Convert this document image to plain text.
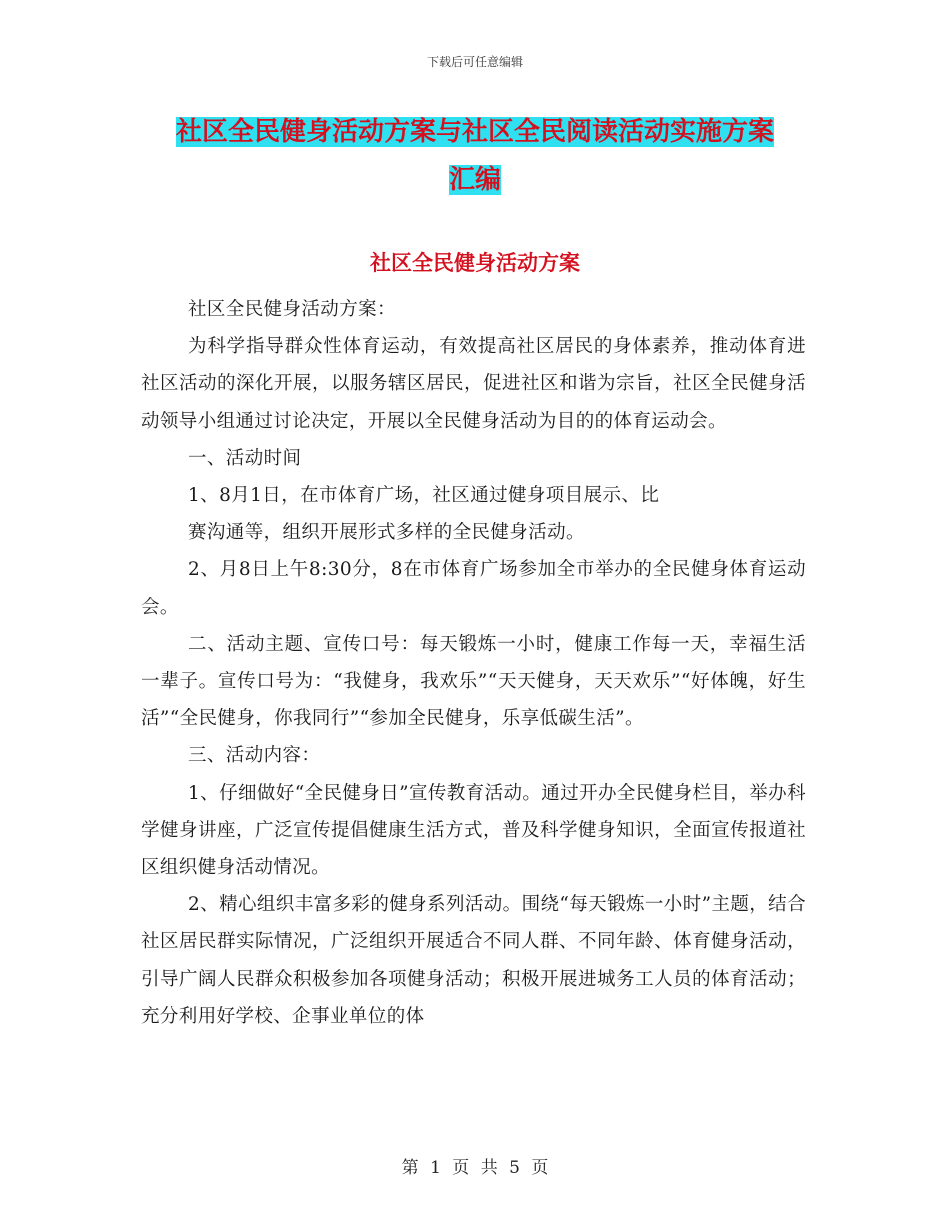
下载后可任意编辑
社区全民健身活动方案与社区全民阅读活动实施方案
汇编
社区全民健身活动方案

社区全民健身活动方案：

为科学指导群众性体育运动，有效提高社区居民的身体素养，推动体育进社区活动的深化开展，以服务辖区居民，促进社区和谐为宗旨，社区全民健身活动领导小组通过讨论决定，开展以全民健身活动为目的的体育运动会。

一、活动时间

1、8月1日，在市体育广场，社区通过健身项目展示、比

赛沟通等，组织开展形式多样的全民健身活动。

2、月8日上午8:30分，8在市体育广场参加全市举办的全民健身体育运动会。

二、活动主题、宣传口号：每天锻炼一小时，健康工作每一天，幸福生活一辈子。宣传口号为：“我健身，我欢乐”“天天健身，天天欢乐”“好体魄，好生活”“全民健身，你我同行”“参加全民健身，乐享低碳生活”。

三、活动内容：

1、仔细做好“全民健身日”宣传教育活动。通过开办全民健身栏目，举办科学健身讲座，广泛宣传提倡健康生活方式，普及科学健身知识，全面宣传报道社区组织健身活动情况。

2、精心组织丰富多彩的健身系列活动。围绕“每天锻炼一小时”主题，结合社区居民群实际情况，广泛组织开展适合不同人群、不同年龄、体育健身活动，引导广阔人民群众积极参加各项健身活动；积极开展进城务工人员的体育活动；充分利用好学校、企事业单位的体

第 1 页 共 5 页
